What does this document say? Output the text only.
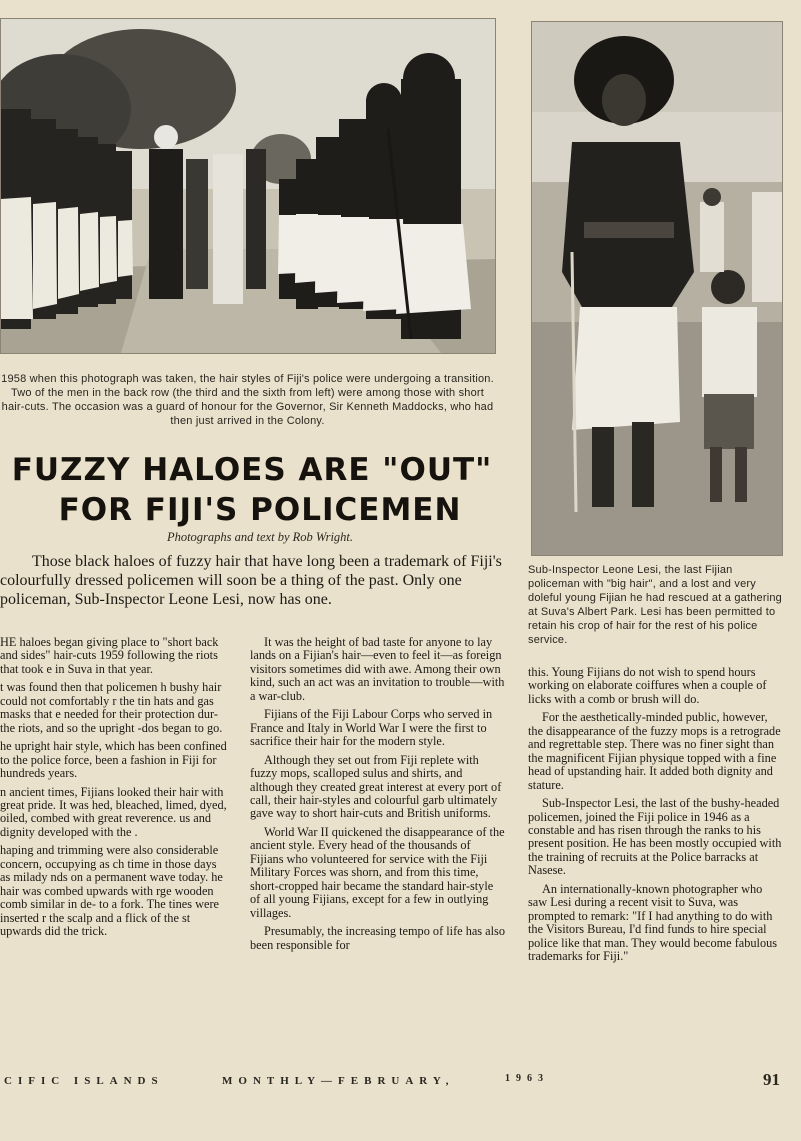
1958 when this photograph was taken, the hair styles of Fiji's police were undergoing a transition. Two of the men in the back row (the third and the sixth from left) were among those with short hair-cuts. The occasion was a guard of honour for the Governor, Sir Kenneth Maddocks, who had then just arrived in the Colony.
Sub-Inspector Leone Lesi, the last Fijian policeman with "big hair", and a lost and very doleful young Fijian he had rescued at a gathering at Suva's Albert Park. Lesi has been permitted to retain his crop of hair for the rest of his police service.
FUZZY HALOES ARE "OUT"
FOR FIJI'S POLICEMEN
Photographs and text by Rob Wright.

Those black haloes of fuzzy hair that have long been a trademark of Fiji's colourfully dressed policemen will soon be a thing of the past. Only one policeman, Sub-Inspector Leone Lesi, now has one.

HE haloes began giving place to "short back and sides" hair-cuts 1959 following the riots that took e in Suva in that year.

t was found then that policemen h bushy hair could not comfortably r the tin hats and gas masks that e needed for their protection dur- the riots, and so the upright -dos began to go.

he upright hair style, which has been confined to the police force, been a fashion in Fiji for hundreds years.

n ancient times, Fijians looked their hair with great pride. It was hed, bleached, limed, dyed, oiled, combed with great reverence. us and dignity developed with the .

haping and trimming were also considerable concern, occupying as ch time in those days as milady nds on a permanent wave today. he hair was combed upwards with rge wooden comb similar in de- to a fork. The tines were inserted r the scalp and a flick of the st upwards did the trick.

It was the height of bad taste for anyone to lay lands on a Fijian's hair—even to feel it—as foreign visitors sometimes did with awe. Among their own kind, such an act was an invitation to trouble—with a war-club.

Fijians of the Fiji Labour Corps who served in France and Italy in World War I were the first to sacrifice their hair for the modern style.

Although they set out from Fiji replete with fuzzy mops, scalloped sulus and shirts, and although they created great interest at every port of call, their hair-styles and colourful garb ultimately gave way to short hair-cuts and British uniforms.

World War II quickened the disappearance of the ancient style. Every head of the thousands of Fijians who volunteered for service with the Fiji Military Forces was shorn, and from this time, short-cropped hair became the standard hair-style of all young Fijians, except for a few in outlying villages.

Presumably, the increasing tempo of life has also been responsible for

this. Young Fijians do not wish to spend hours working on elaborate coiffures when a couple of licks with a comb or brush will do.

For the aesthetically-minded public, however, the disappearance of the fuzzy mops is a retrograde and regrettable step. There was no finer sight than the magnificent Fijian physique topped with a fine head of upstanding hair. It added both dignity and stature.

Sub-Inspector Lesi, the last of the bushy-headed policemen, joined the Fiji police in 1946 as a constable and has risen through the ranks to his present position. He has been mostly occupied with the training of recruits at the Police barracks at Nasese.

An internationally-known photographer who saw Lesi during a recent visit to Suva, was prompted to remark: "If I had anything to do with the Visitors Bureau, I'd find funds to hire special police like that man. They would become fabulous trademarks for Fiji."

CIFIC ISLANDS	MONTHLY—FEBRUARY,	1963	91
